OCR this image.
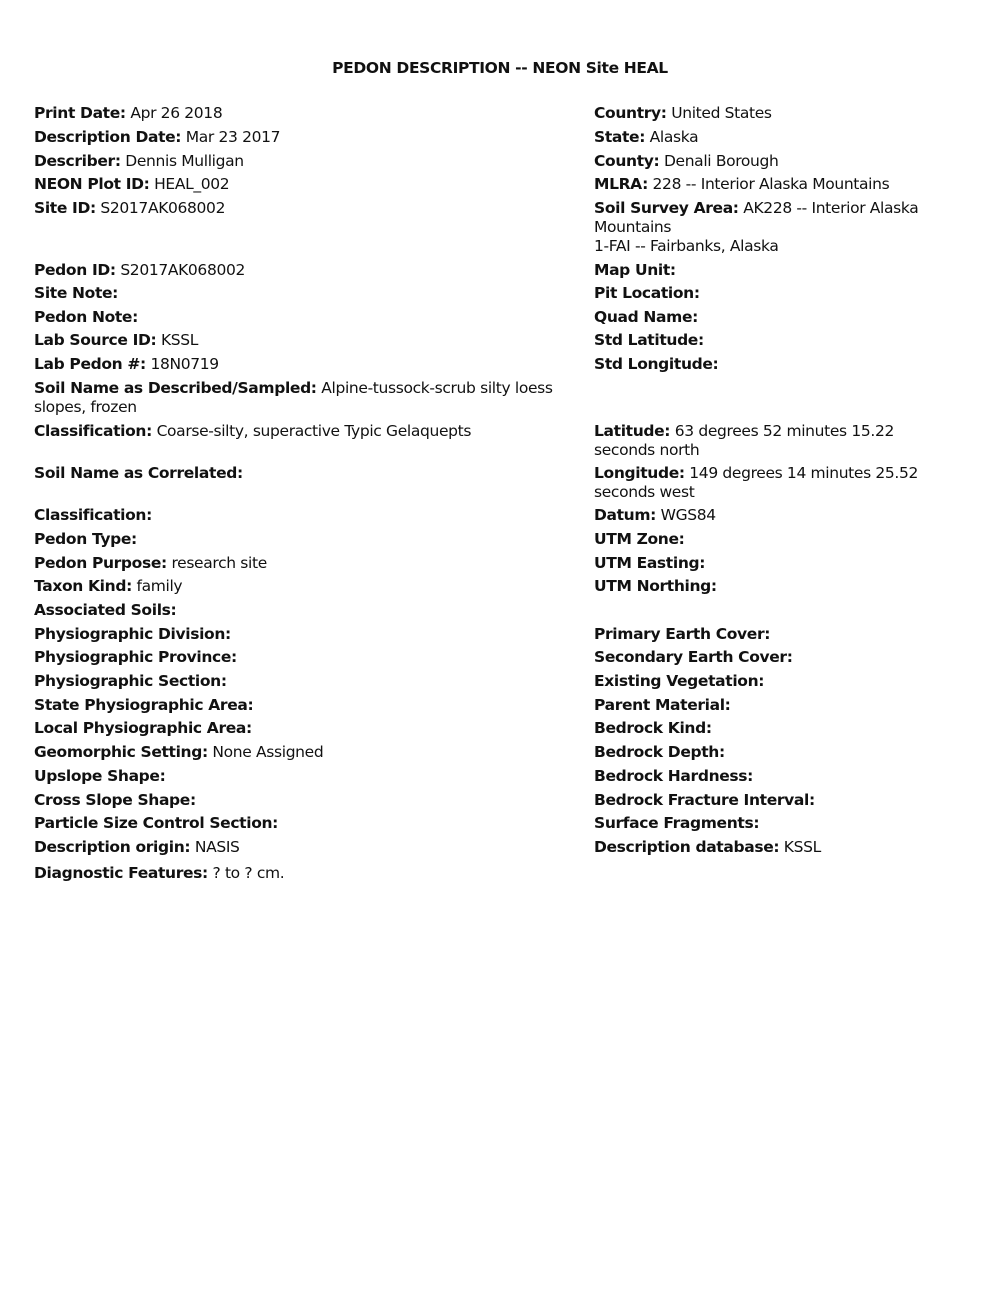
PEDON DESCRIPTION -- NEON Site HEAL
Print Date: Apr 26 2018	Country: United States
Description Date: Mar 23 2017	State: Alaska
Describer: Dennis Mulligan	County: Denali Borough
NEON Plot ID: HEAL_002	MLRA: 228 -- Interior Alaska Mountains
Site ID: S2017AK068002	Soil Survey Area: AK228 -- Interior Alaska Mountains
1-FAI -- Fairbanks, Alaska
Pedon ID: S2017AK068002	Map Unit:
Site Note:	Pit Location:
Pedon Note:	Quad Name:
Lab Source ID: KSSL	Std Latitude:
Lab Pedon #: 18N0719	Std Longitude:
Soil Name as Described/Sampled: Alpine-tussock-scrub silty loess slopes, frozen
Classification: Coarse-silty, superactive Typic Gelaquepts	Latitude: 63 degrees 52 minutes 15.22 seconds north
Soil Name as Correlated:	Longitude: 149 degrees 14 minutes 25.52 seconds west
Classification:	Datum: WGS84
Pedon Type:	UTM Zone:
Pedon Purpose: research site	UTM Easting:
Taxon Kind: family	UTM Northing:
Associated Soils:
Physiographic Division:	Primary Earth Cover:
Physiographic Province:	Secondary Earth Cover:
Physiographic Section:	Existing Vegetation:
State Physiographic Area:	Parent Material:
Local Physiographic Area:	Bedrock Kind:
Geomorphic Setting: None Assigned	Bedrock Depth:
Upslope Shape:	Bedrock Hardness:
Cross Slope Shape:	Bedrock Fracture Interval:
Particle Size Control Section:	Surface Fragments:
Description origin: NASIS	Description database: KSSL
Diagnostic Features: ? to ? cm.
